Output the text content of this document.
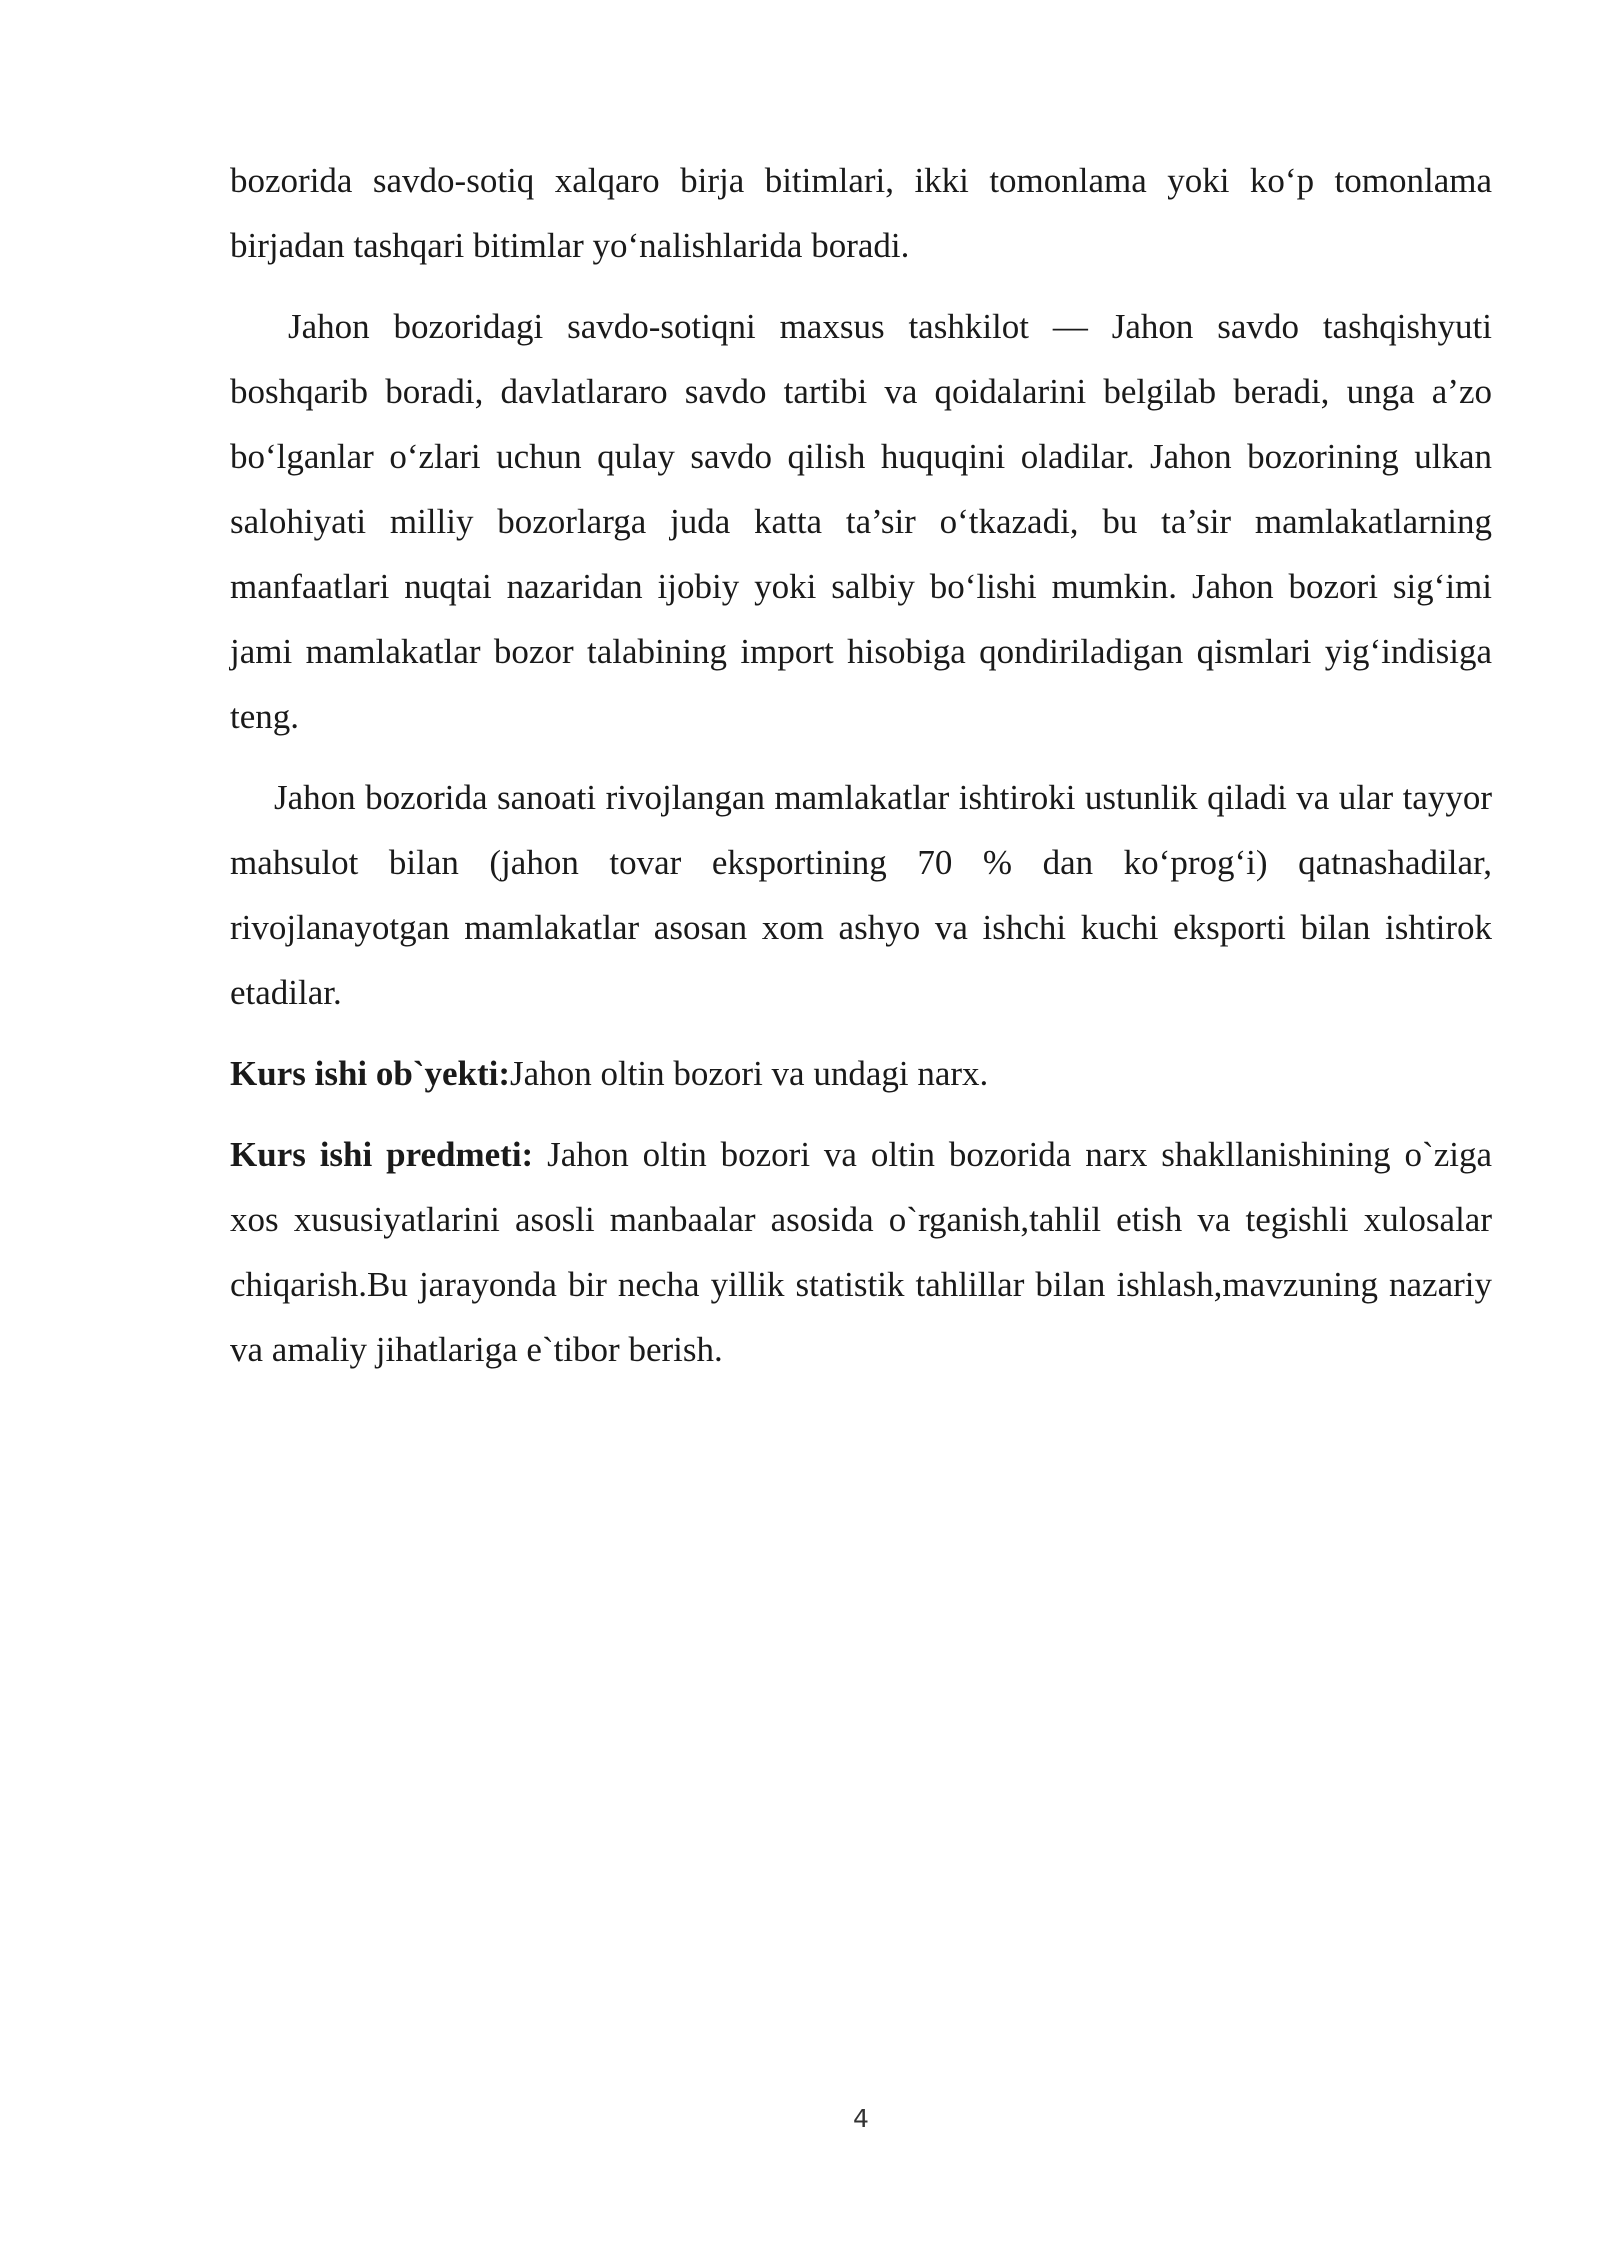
bozorida savdo-sotiq xalqaro birja bitimlari, ikki tomonlama yoki ko‘p tomonlama birjadan tashqari bitimlar yo‘nalishlarida boradi.

Jahon bozoridagi savdo-sotiqni maxsus tashkilot — Jahon savdo tashqishyuti boshqarib boradi, davlatlararo savdo tartibi va qoidalarini belgilab beradi, unga a’zo bo‘lganlar o‘zlari uchun qulay savdo qilish huquqini oladilar. Jahon bozorining ulkan salohiyati milliy bozorlarga juda katta ta’sir o‘tkazadi, bu ta’sir mamlakatlarning manfaatlari nuqtai nazaridan ijobiy yoki salbiy bo‘lishi mumkin. Jahon bozori sig‘imi jami mamlakatlar bozor talabining import hisobiga qondiriladigan qismlari yig‘indisiga teng.

Jahon bozorida sanoati rivojlangan mamlakatlar ishtiroki ustunlik qiladi va ular tayyor mahsulot bilan (jahon tovar eksportining 70 % dan ko‘prog‘i) qatnashadilar, rivojlanayotgan mamlakatlar asosan xom ashyo va ishchi kuchi eksporti bilan ishtirok etadilar.

Kurs ishi ob`yekti:Jahon oltin bozori va undagi narx.

Kurs ishi predmeti: Jahon oltin bozori va oltin bozorida narx shakllanishining o`ziga xos xususiyatlarini asosli manbaalar asosida o`rganish,tahlil etish va tegishli xulosalar chiqarish.Bu jarayonda bir necha yillik statistik tahlillar bilan ishlash,mavzuning nazariy va amaliy jihatlariga e`tibor berish.

4
